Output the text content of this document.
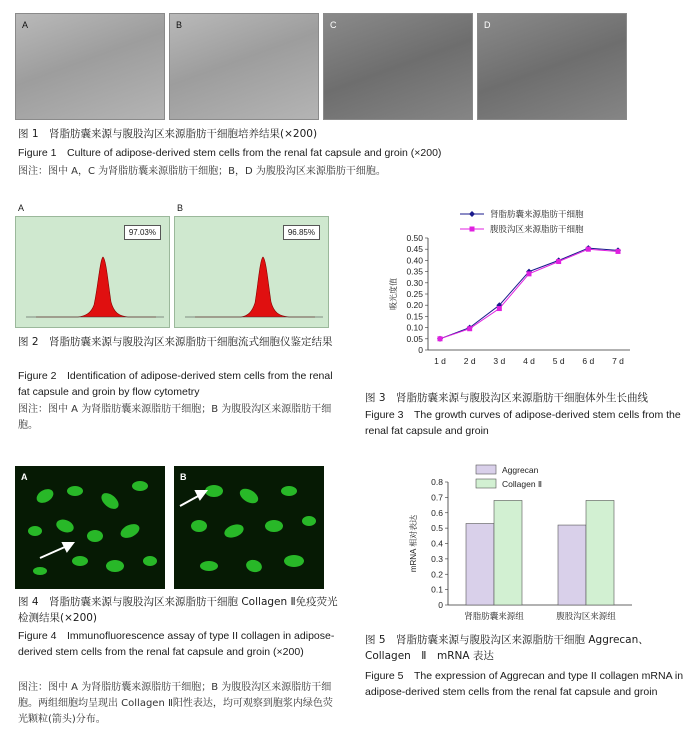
A	B	C	D
图 1　肾脂肪囊来源与腹股沟区来源脂肪干细胞培养结果(×200)
Figure 1　Culture of adipose-derived stem cells from the renal fat capsule and groin (×200)
图注：图中 A，C 为肾脂肪囊来源脂肪干细胞；B，D 为腹股沟区来源脂肪干细胞。
A
97.03%
B
96.85%
图 2　肾脂肪囊来源与腹股沟区来源脂肪干细胞流式细胞仪鉴定结果
Figure 2　Identification of adipose-derived stem cells from the renal fat capsule and groin by flow cytometry
图注：图中 A 为肾脂肪囊来源脂肪干细胞；B 为腹股沟区来源脂肪干细胞。
0
0.05
0.10
0.15
0.20
0.25
0.30
0.35
0.40
0.45
0.50
1 d 2 d 3 d 4 d 5 d 6 d 7 d
吸光度值
肾脂肪囊来源脂肪干细胞
腹股沟区来源脂肪干细胞
图 3　肾脂肪囊来源与腹股沟区来源脂肪干细胞体外生长曲线
Figure 3　The growth curves of adipose-derived stem cells from the renal fat capsule and groin
A	B
图 4　肾脂肪囊来源与腹股沟区来源脂肪干细胞 Collagen Ⅱ免疫荧光检测结果(×200)
Figure 4　Immunofluorescence assay of type II collagen in adipose-derived stem cells from the renal fat capsule and groin (×200)
图注：图中 A 为肾脂肪囊来源脂肪干细胞；B 为腹股沟区来源脂肪干细胞。两组细胞均呈现出 Collagen Ⅱ阳性表达，均可观察到胞浆内绿色荧光颗粒(箭头)分布。
0
0.1
0.2
0.3
0.4
0.5
0.6
0.7
0.8
mRNA 相对表达
肾脂肪囊来源组	腹股沟区来源组
Aggrecan
Collagen Ⅱ
图 5　肾脂肪囊来源与腹股沟区来源脂肪干细胞 Aggrecan、Collagen　Ⅱ　mRNA 表达
Figure 5　The expression of Aggrecan and type II collagen mRNA in adipose-derived stem cells from the renal fat capsule and groin
